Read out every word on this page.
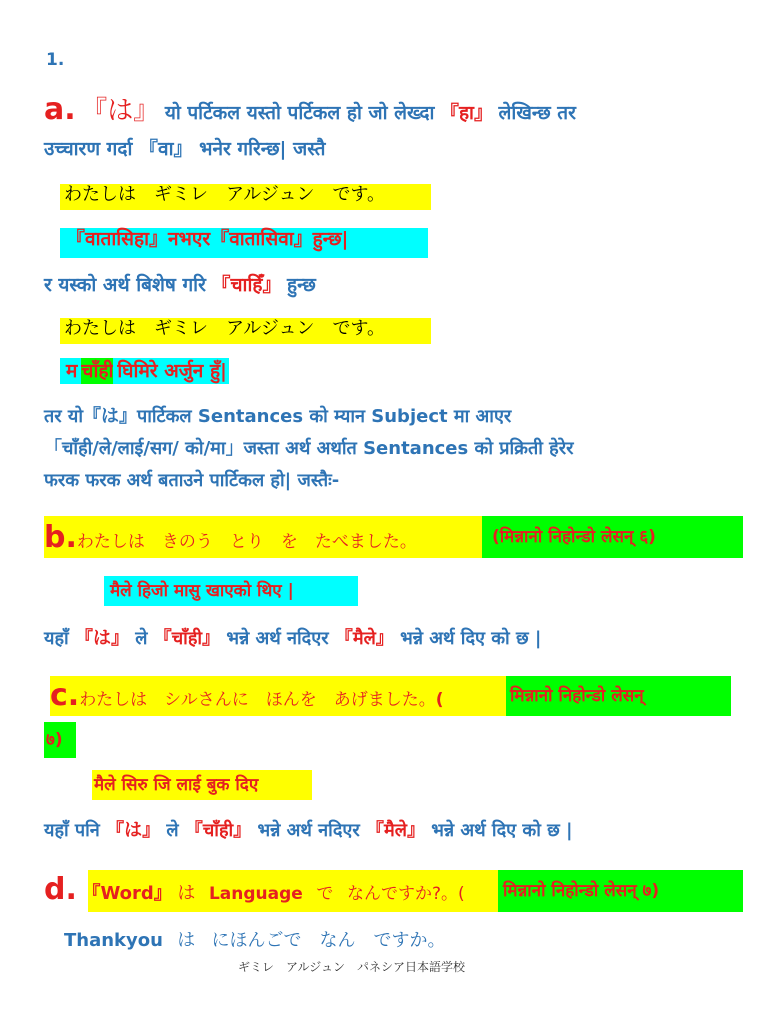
1.
a. 『は』 यो पर्टिकल यस्तो पर्टिकल हो जो लेख्दा 『हा』 लेखिन्छ तर
उच्चारण गर्दा 『वा』 भनेर गरिन्छ| जस्तै
わたしは　ギミレ　アルジュン　です。
『वातासिहा』नभएर『वातासिवा』हुन्छ|
र यस्को अर्थ बिशेष गरि 『चाहिँ』 हुन्छ
わたしは　ギミレ　アルジュン　です。
म चाँही घिमिरे अर्जुन हुँ|
तर यो『は』पार्टिकल Sentances को म्यान Subject मा आएर
「चाँही/ले/लाई/सग/ को/मा」जस्ता अर्थ अर्थात Sentances को प्रक्रिती हेरेर
फरक फरक अर्थ बताउने पार्टिकल हो| जस्तैः-
b.わたしは　きのう　とり　を　たべました。	(मिन्नानो निहोन्डो लेसन् ६)
मैले हिजो मासु खाएको थिए |
यहाँ 『は』 ले 『चाँही』 भन्ने अर्थ नदिएर 『मैले』 भन्ने अर्थ दिए को छ |
c.わたしは　シルさんに　ほんを　あげました。(	मिन्नानो निहोन्डो लेसन्
७)
मैले सिरु जि लाई बुक दिए
यहाँ पनि 『は』 ले 『चाँही』 भन्ने अर्थ नदिएर 『मैले』 भन्ने अर्थ दिए को छ |
d. 『Word』 は Language で なんですか?。( मिन्नानो निहोन्डो लेसन् ७)
Thankyou は にほんごで　なん　ですか。
ギミレ　アルジュン　パネシア日本語学校
